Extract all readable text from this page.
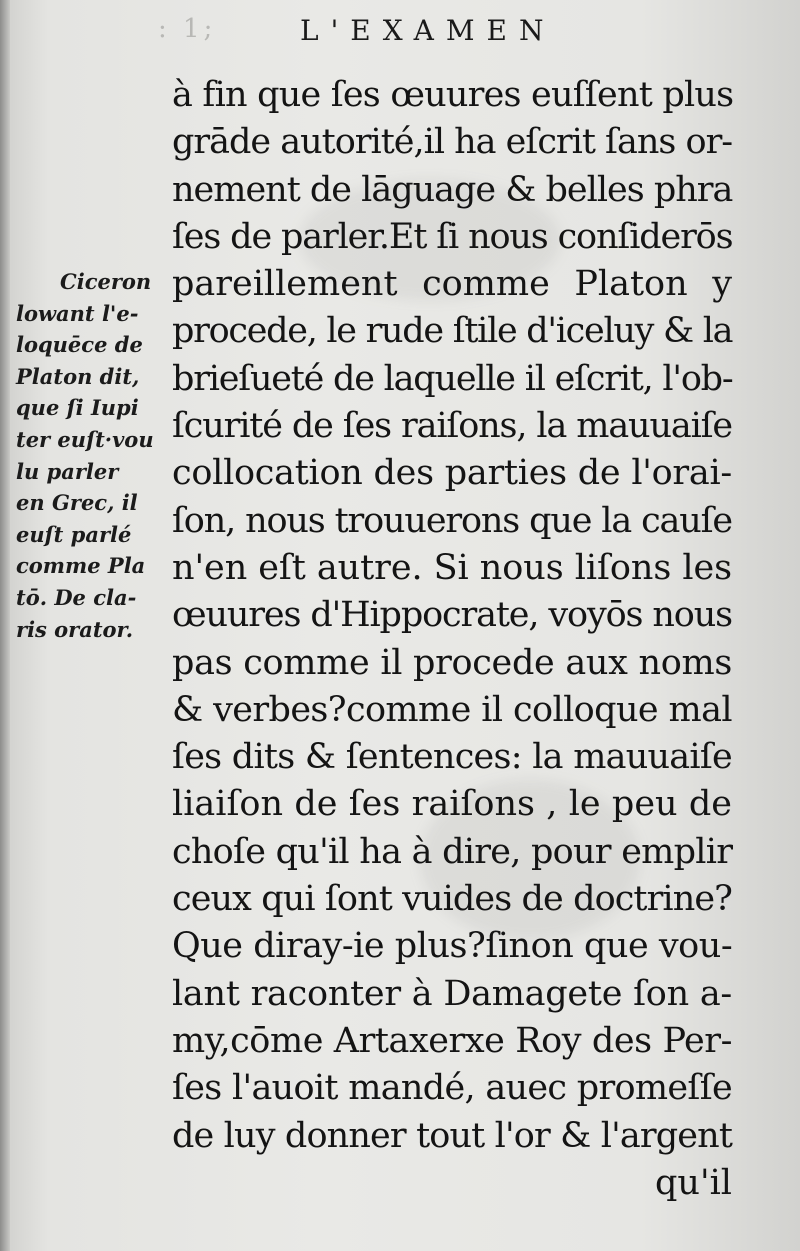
: 1;	L'EXAMEN
Ciceron
lowant l'e-
loquēce de
Platon dit,
que ſi Iupi
ter euſt·vou
lu parler
en Grec, il
euſt parlé
comme Pla
tō. De cla-
ris orator.
à fin que ſes œuures euſſent plus
grāde autorité,il ha eſcrit ſans or-
nement de lāguage & belles phra
ſes de parler.Et ſi nous conſiderōs
pareillement comme Platon y
procede, le rude ſtile d'iceluy & la
brieſueté de laquelle il eſcrit, l'ob-
ſcurité de ſes raiſons, la mauuaiſe
collocation des parties de l'orai-
ſon, nous trouuerons que la cauſe
n'en eſt autre. Si nous liſons les
œuures d'Hippocrate, voyōs nous
pas comme il procede aux noms
& verbes?comme il colloque mal
ſes dits & ſentences: la mauuaiſe
liaiſon de ſes raiſons , le peu de
choſe qu'il ha à dire, pour emplir
ceux qui ſont vuides de doctrine?
Que diray-ie plus?ſinon que vou-
lant raconter à Damagete ſon a-
my,cōme Artaxerxe Roy des Per-
ſes l'auoit mandé, auec promeſſe
de luy donner tout l'or & l'argent
qu'il
